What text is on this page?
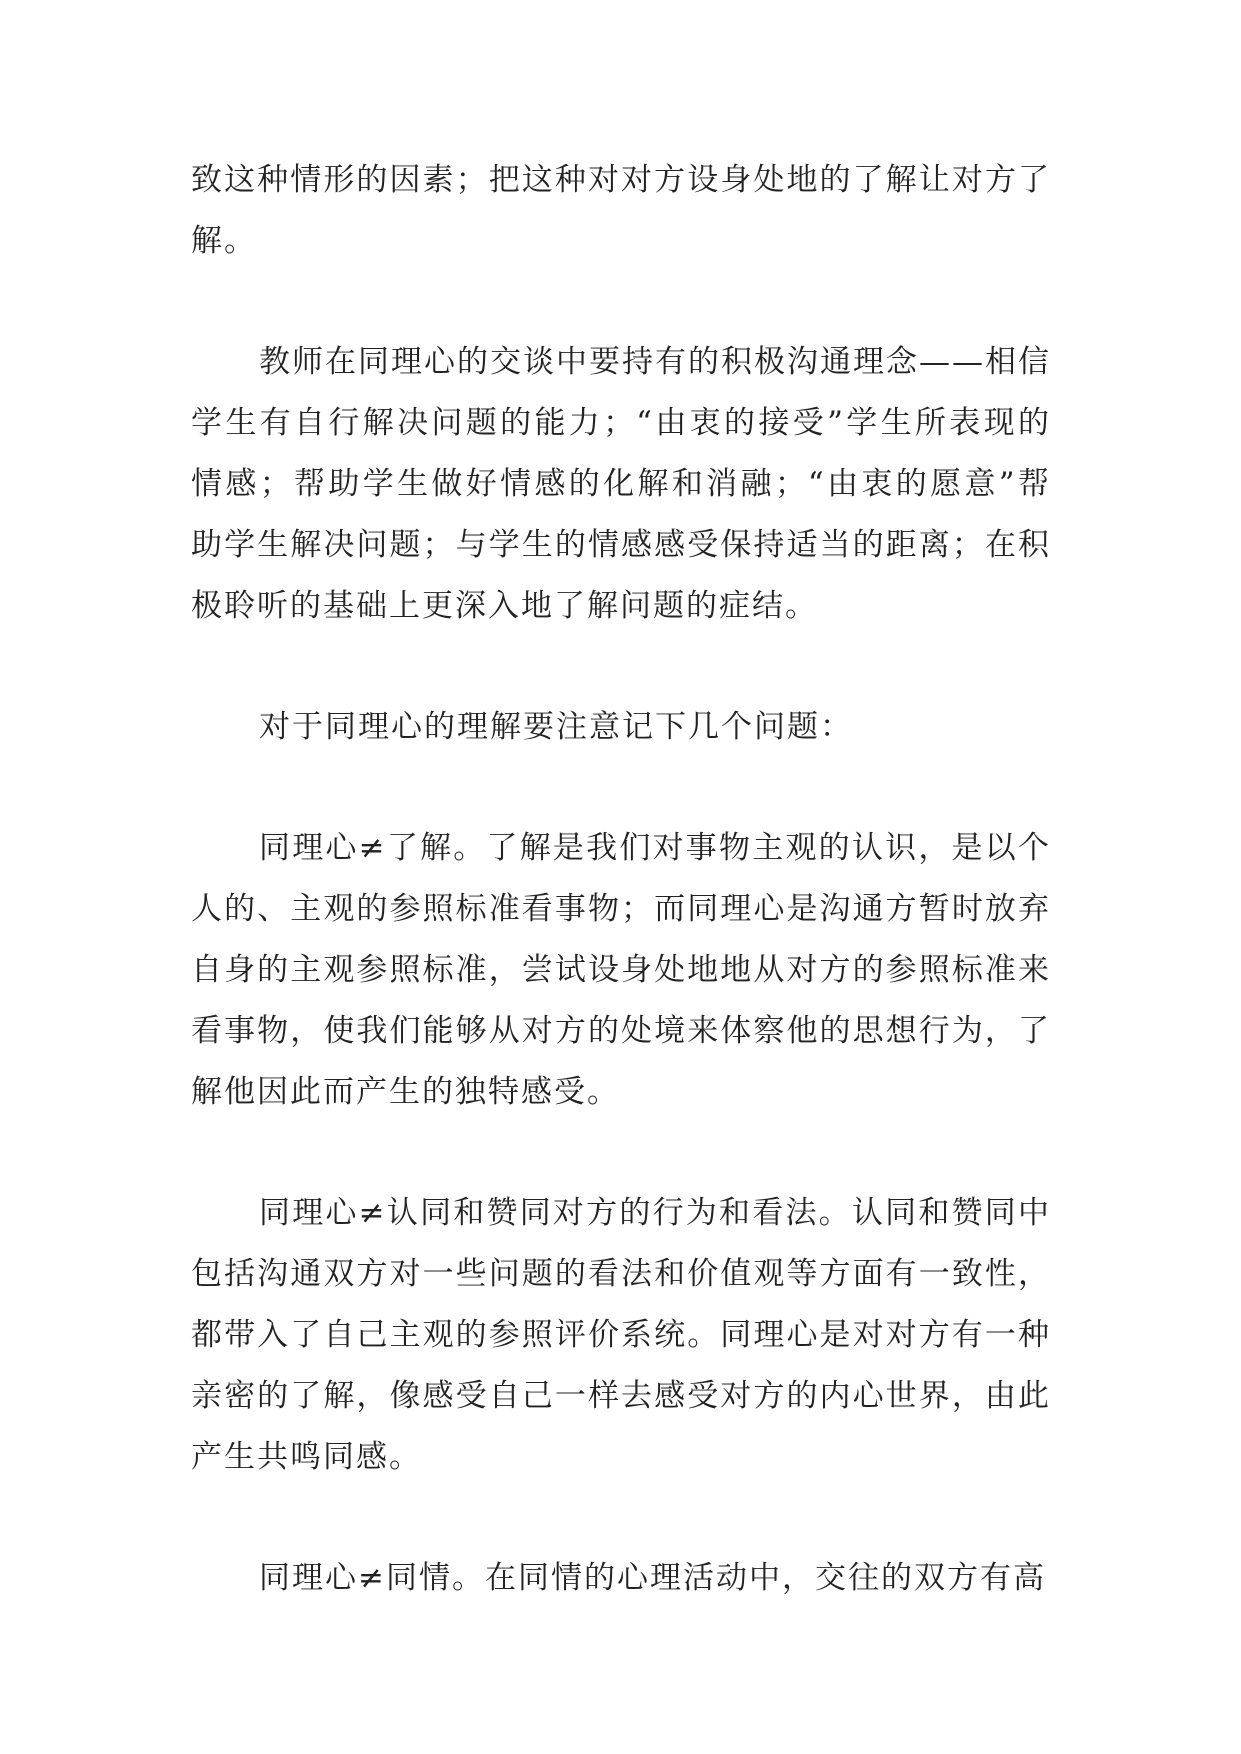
致这种情形的因素；把这种对对方设身处地的了解让对方了解。

教师在同理心的交谈中要持有的积极沟通理念——相信学生有自行解决问题的能力；“由衷的接受”学生所表现的情感；帮助学生做好情感的化解和消融；“由衷的愿意”帮助学生解决问题；与学生的情感感受保持适当的距离；在积极聆听的基础上更深入地了解问题的症结。

对于同理心的理解要注意记下几个问题：

同理心≠了解。了解是我们对事物主观的认识，是以个人的、主观的参照标准看事物；而同理心是沟通方暂时放弃自身的主观参照标准，尝试设身处地地从对方的参照标准来看事物，使我们能够从对方的处境来体察他的思想行为，了解他因此而产生的独特感受。

同理心≠认同和赞同对方的行为和看法。认同和赞同中包括沟通双方对一些问题的看法和价值观等方面有一致性，都带入了自己主观的参照评价系统。同理心是对对方有一种亲密的了解，像感受自己一样去感受对方的内心世界，由此产生共鸣同感。

同理心≠同情。在同情的心理活动中，交往的双方有高
